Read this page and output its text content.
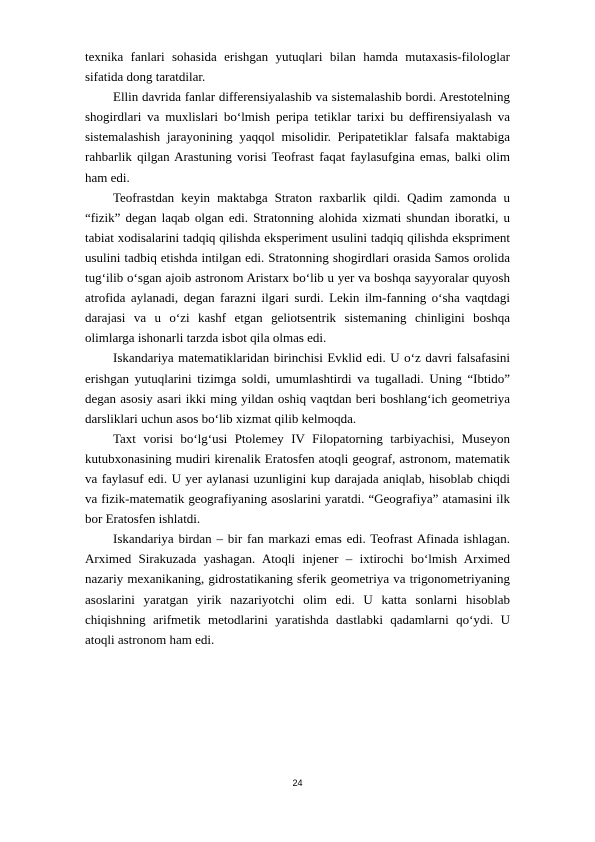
texnika fanlari sohasida erishgan yutuqlari bilan hamda mutaxasis-filologlar sifatida dong taratdilar.

Ellin davrida fanlar differensiyalashib va sistemalashib bordi. Arestotelning shogirdlari va muxlislari bo‘lmish peripa tetiklar tarixi bu deffirensiyalash va sistemalashish jarayonining yaqqol misolidir. Peripatetiklar falsafa maktabiga rahbarlik qilgan Arastuning vorisi Teofrast faqat faylasufgina emas, balki olim ham edi.

Teofrastdan keyin maktabga Straton raxbarlik qildi. Qadim zamonda u “fizik” degan laqab olgan edi. Stratonning alohida xizmati shundan iboratki, u tabiat xodisalarini tadqiq qilishda eksperiment usulini tadqiq qilishda ekspriment usulini tadbiq etishda intilgan edi. Stratonning shogirdlari orasida Samos orolida tug‘ilib o‘sgan ajoib astronom Aristarx bo‘lib u yer va boshqa sayyoralar quyosh atrofida aylanadi, degan farazni ilgari surdi. Lekin ilm-fanning o‘sha vaqtdagi darajasi va u o‘zi kashf etgan geliotsentrik sistemaning chinligini boshqa olimlarga ishonarli tarzda isbot qila olmas edi.

Iskandariya matematiklaridan birinchisi Evklid edi. U o‘z davri falsafasini erishgan yutuqlarini tizimga soldi, umumlashtirdi va tugalladi. Uning “Ibtido” degan asosiy asari ikki ming yildan oshiq vaqtdan beri boshlang‘ich geometriya darsliklari uchun asos bo‘lib xizmat qilib kelmoqda.

Taxt vorisi bo‘lg‘usi Ptolemey IV Filopatorning tarbiyachisi, Museyon kutubxonasining mudiri kirenalik Eratosfen atoqli geograf, astronom, matematik va faylasuf edi. U yer aylanasi uzunligini kup darajada aniqlab, hisoblab chiqdi va fizik-matematik geografiyaning asoslarini yaratdi. “Geografiya” atamasini ilk bor Eratosfen ishlatdi.

Iskandariya birdan – bir fan markazi emas edi. Teofrast Afinada ishlagan. Arximed Sirakuzada yashagan. Atoqli injener – ixtirochi bo‘lmish Arximed nazariy mexanikaning, gidrostatikaning sferik geometriya va trigonometriyaning asoslarini yaratgan yirik nazariyotchi olim edi. U katta sonlarni hisoblab chiqishning arifmetik metodlarini yaratishda dastlabki qadamlarni qo‘ydi. U atoqli astronom ham edi.

24
